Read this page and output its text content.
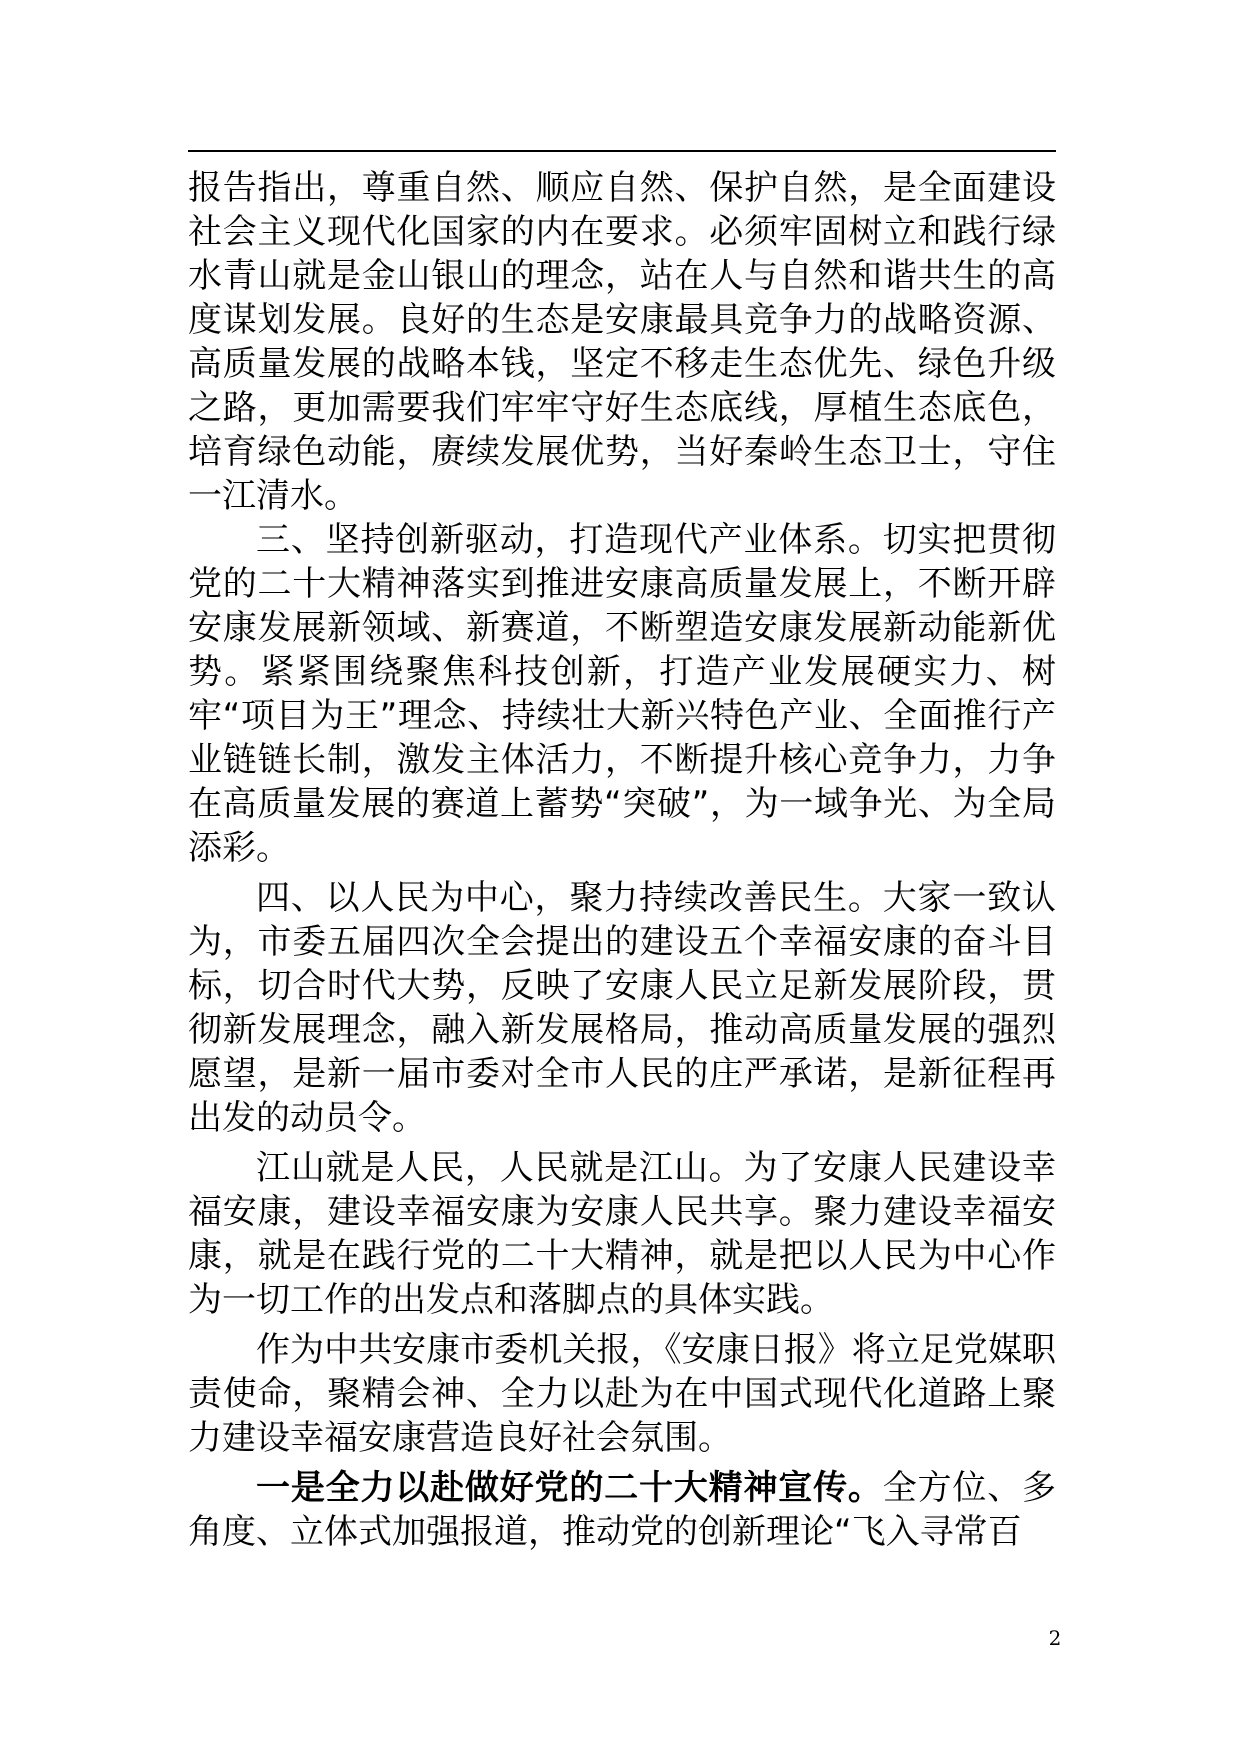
报告指出，尊重自然、顺应自然、保护自然，是全面建设社会主义现代化国家的内在要求。必须牢固树立和践行绿水青山就是金山银山的理念，站在人与自然和谐共生的高度谋划发展。良好的生态是安康最具竞争力的战略资源、高质量发展的战略本钱，坚定不移走生态优先、绿色升级之路，更加需要我们牢牢守好生态底线，厚植生态底色，培育绿色动能，赓续发展优势，当好秦岭生态卫士，守住一江清水。

三、坚持创新驱动，打造现代产业体系。切实把贯彻党的二十大精神落实到推进安康高质量发展上，不断开辟安康发展新领域、新赛道，不断塑造安康发展新动能新优势。紧紧围绕聚焦科技创新，打造产业发展硬实力、树牢“项目为王”理念、持续壮大新兴特色产业、全面推行产业链链长制，激发主体活力，不断提升核心竞争力，力争在高质量发展的赛道上蓄势“突破”，为一域争光、为全局添彩。

四、以人民为中心，聚力持续改善民生。大家一致认为，市委五届四次全会提出的建设五个幸福安康的奋斗目标，切合时代大势，反映了安康人民立足新发展阶段，贯彻新发展理念，融入新发展格局，推动高质量发展的强烈愿望，是新一届市委对全市人民的庄严承诺，是新征程再出发的动员令。

江山就是人民，人民就是江山。为了安康人民建设幸福安康，建设幸福安康为安康人民共享。聚力建设幸福安康，就是在践行党的二十大精神，就是把以人民为中心作为一切工作的出发点和落脚点的具体实践。

作为中共安康市委机关报，《安康日报》将立足党媒职责使命，聚精会神、全力以赴为在中国式现代化道路上聚力建设幸福安康营造良好社会氛围。

一是全力以赴做好党的二十大精神宣传。全方位、多角度、立体式加强报道，推动党的创新理论“飞入寻常百

2
